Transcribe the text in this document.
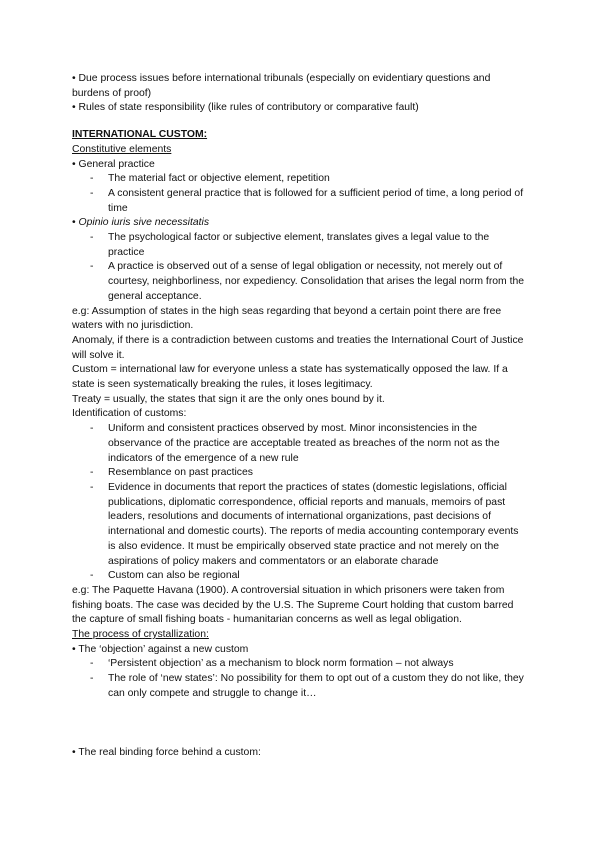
• Due process issues before international tribunals (especially on evidentiary questions and burdens of proof)

• Rules of state responsibility (like rules of contributory or comparative fault)

INTERNATIONAL CUSTOM:

Constitutive elements

• General practice

- The material fact or objective element, repetition
- A consistent general practice that is followed for a sufficient period of time, a long period of time

• Opinio iuris sive necessitatis

- The psychological factor or subjective element, translates gives a legal value to the practice
- A practice is observed out of a sense of legal obligation or necessity, not merely out of courtesy, neighborliness, nor expediency. Consolidation that arises the legal norm from the general acceptance.

e.g: Assumption of states in the high seas regarding that beyond a certain point there are free waters with no jurisdiction.

Anomaly, if there is a contradiction between customs and treaties the International Court of Justice will solve it.

Custom = international law for everyone unless a state has systematically opposed the law. If a state is seen systematically breaking the rules, it loses legitimacy.

Treaty = usually, the states that sign it are the only ones bound by it.

Identification of customs:

- Uniform and consistent practices observed by most. Minor inconsistencies in the observance of the practice are acceptable treated as breaches of the norm not as the indicators of the emergence of a new rule
- Resemblance on past practices
- Evidence in documents that report the practices of states (domestic legislations, official publications, diplomatic correspondence, official reports and manuals, memoirs of past leaders, resolutions and documents of international organizations, past decisions of international and domestic courts). The reports of media accounting contemporary events is also evidence. It must be empirically observed state practice and not merely on the aspirations of policy makers and commentators or an elaborate charade
- Custom can also be regional

e.g: The Paquette Havana (1900). A controversial situation in which prisoners were taken from fishing boats. The case was decided by the U.S. The Supreme Court holding that custom barred the capture of small fishing boats - humanitarian concerns as well as legal obligation.

The process of crystallization:

• The ‘objection’ against a new custom

- ‘Persistent objection’ as a mechanism to block norm formation – not always
- The role of ‘new states’: No possibility for them to opt out of a custom they do not like, they can only compete and struggle to change it…

• The real binding force behind a custom:
